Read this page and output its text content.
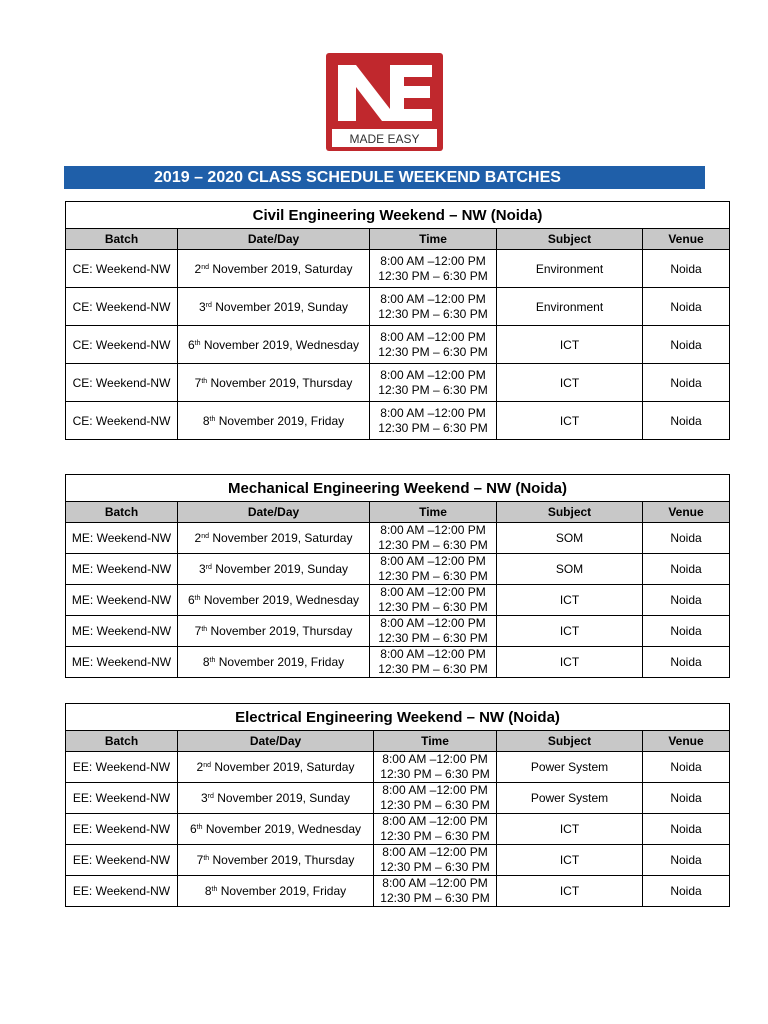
MADE EASY
2019 – 2020 CLASS SCHEDULE WEEKEND BATCHES
Civil Engineering Weekend – NW (Noida)				
Batch	Date/Day	Time	Subject	Venue
CE: Weekend-NW	2nd November 2019, Saturday	8:00 AM –12:00 PM
12:30 PM – 6:30 PM	Environment	Noida
CE: Weekend-NW	3rd November 2019, Sunday	8:00 AM –12:00 PM
12:30 PM – 6:30 PM	Environment	Noida
CE: Weekend-NW	6th November 2019, Wednesday	8:00 AM –12:00 PM
12:30 PM – 6:30 PM	ICT	Noida
CE: Weekend-NW	7th November 2019, Thursday	8:00 AM –12:00 PM
12:30 PM – 6:30 PM	ICT	Noida
CE: Weekend-NW	8th November 2019, Friday	8:00 AM –12:00 PM
12:30 PM – 6:30 PM	ICT	Noida
Mechanical Engineering Weekend – NW (Noida)				
Batch	Date/Day	Time	Subject	Venue
ME: Weekend-NW	2nd November 2019, Saturday	8:00 AM –12:00 PM
12:30 PM – 6:30 PM	SOM	Noida
ME: Weekend-NW	3rd November 2019, Sunday	8:00 AM –12:00 PM
12:30 PM – 6:30 PM	SOM	Noida
ME: Weekend-NW	6th November 2019, Wednesday	8:00 AM –12:00 PM
12:30 PM – 6:30 PM	ICT	Noida
ME: Weekend-NW	7th November 2019, Thursday	8:00 AM –12:00 PM
12:30 PM – 6:30 PM	ICT	Noida
ME: Weekend-NW	8th November 2019, Friday	8:00 AM –12:00 PM
12:30 PM – 6:30 PM	ICT	Noida
Electrical Engineering Weekend – NW (Noida)				
Batch	Date/Day	Time	Subject	Venue
EE: Weekend-NW	2nd November 2019, Saturday	8:00 AM –12:00 PM
12:30 PM – 6:30 PM	Power System	Noida
EE: Weekend-NW	3rd November 2019, Sunday	8:00 AM –12:00 PM
12:30 PM – 6:30 PM	Power System	Noida
EE: Weekend-NW	6th November 2019, Wednesday	8:00 AM –12:00 PM
12:30 PM – 6:30 PM	ICT	Noida
EE: Weekend-NW	7th November 2019, Thursday	8:00 AM –12:00 PM
12:30 PM – 6:30 PM	ICT	Noida
EE: Weekend-NW	8th November 2019, Friday	8:00 AM –12:00 PM
12:30 PM – 6:30 PM	ICT	Noida
